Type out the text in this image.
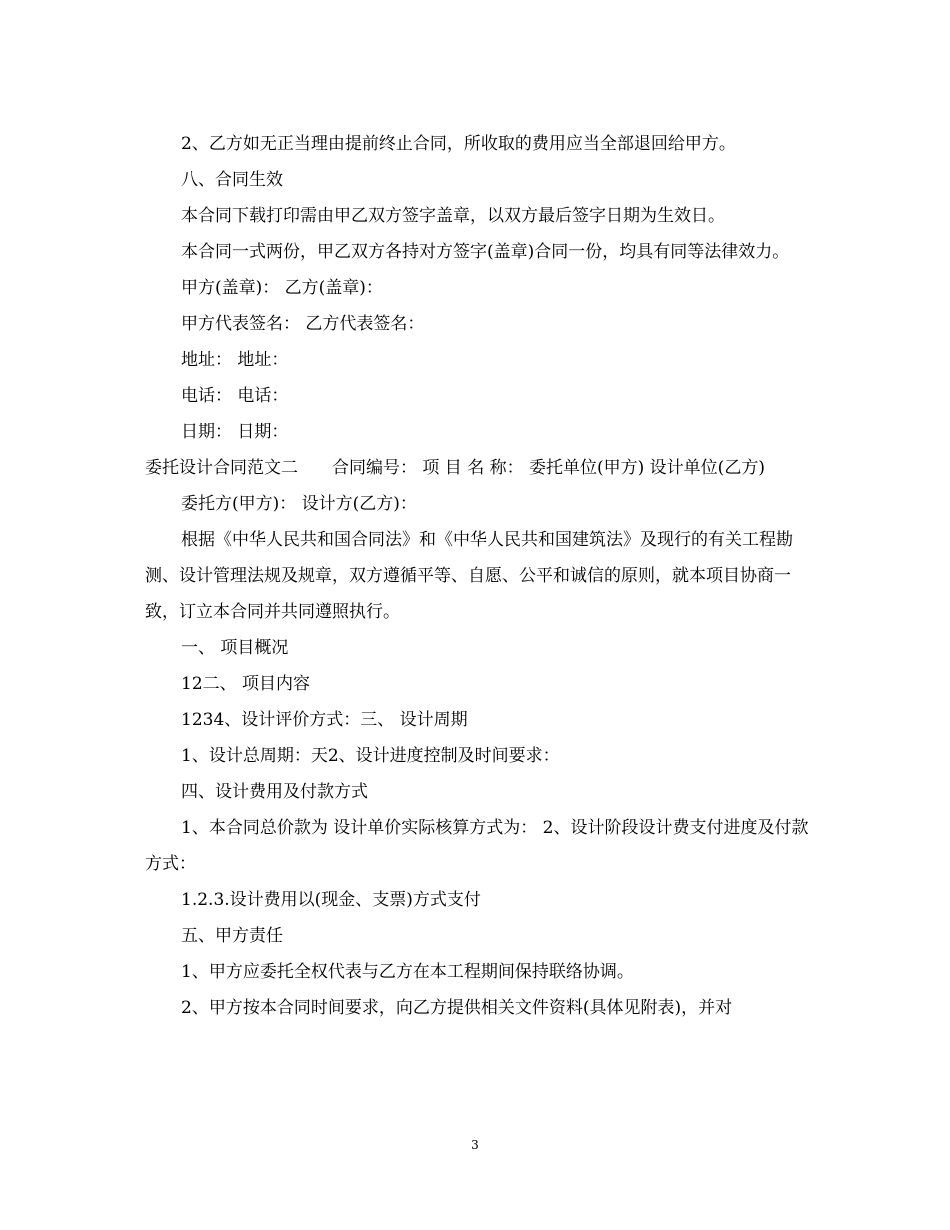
2、乙方如无正当理由提前终止合同，所收取的费用应当全部退回给甲方。

八、合同生效

本合同下载打印需由甲乙双方签字盖章，以双方最后签字日期为生效日。

本合同一式两份，甲乙双方各持对方签字(盖章)合同一份，均具有同等法律效力。

甲方(盖章)： 乙方(盖章)：

甲方代表签名： 乙方代表签名：

地址： 地址：

电话： 电话：

日期： 日期：

委托设计合同范文二　　合同编号： 项 目 名 称： 委托单位(甲方) 设计单位(乙方)

委托方(甲方)： 设计方(乙方)：

根据《中华人民共和国合同法》和《中华人民共和国建筑法》及现行的有关工程勘测、设计管理法规及规章，双方遵循平等、自愿、公平和诚信的原则，就本项目协商一致，订立本合同并共同遵照执行。

一、 项目概况

12二、 项目内容

1234、设计评价方式：三、 设计周期

1、设计总周期：天2、设计进度控制及时间要求：

四、设计费用及付款方式

1、本合同总价款为 设计单价实际核算方式为： 2、设计阶段设计费支付进度及付款方式：

1.2.3.设计费用以(现金、支票)方式支付

五、甲方责任

1、甲方应委托全权代表与乙方在本工程期间保持联络协调。

2、甲方按本合同时间要求，向乙方提供相关文件资料(具体见附表)，并对

3
